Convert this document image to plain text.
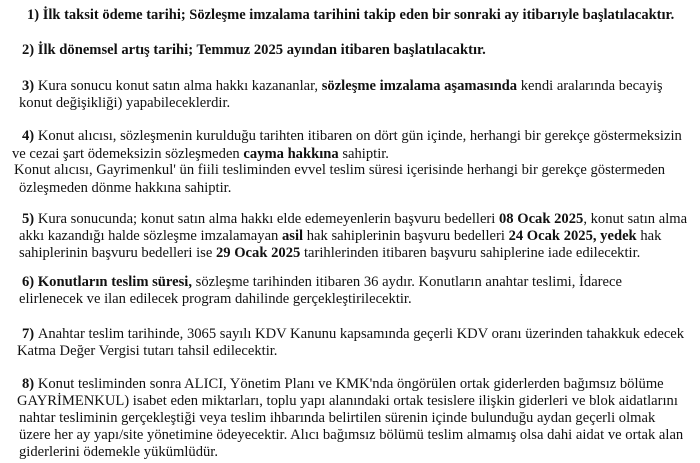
1) İlk taksit ödeme tarihi; Sözleşme imzalama tarihini takip eden bir sonraki ay itibarıyle başlatılacaktır.
2) İlk dönemsel artış tarihi; Temmuz 2025 ayından itibaren başlatılacaktır.
3) Kura sonucu konut satın alma hakkı kazananlar, sözleşme imzalama aşamasında kendi aralarında becayiş
konut değişikliği) yapabileceklerdir.
4) Konut alıcısı, sözleşmenin kurulduğu tarihten itibaren on dört gün içinde, herhangi bir gerekçe göstermeksizin
ve cezai şart ödemeksizin sözleşmeden cayma hakkına sahiptir.
Konut alıcısı, Gayrimenkul' ün fiili tesliminden evvel teslim süresi içerisinde herhangi bir gerekçe göstermeden
özleşmeden dönme hakkına sahiptir.
5) Kura sonucunda; konut satın alma hakkı elde edemeyenlerin başvuru bedelleri 08 Ocak 2025, konut satın alma
akkı kazandığı halde sözleşme imzalamayan asil hak sahiplerinin başvuru bedelleri 24 Ocak 2025, yedek hak
sahiplerinin başvuru bedelleri ise 29 Ocak 2025 tarihlerinden itibaren başvuru sahiplerine iade edilecektir.
6) Konutların teslim süresi, sözleşme tarihinden itibaren 36 aydır. Konutların anahtar teslimi, İdarece
elirlenecek ve ilan edilecek program dahilinde gerçekleştirilecektir.
7) Anahtar teslim tarihinde, 3065 sayılı KDV Kanunu kapsamında geçerli KDV oranı üzerinden tahakkuk edecek
Katma Değer Vergisi tutarı tahsil edilecektir.
8) Konut tesliminden sonra ALICI, Yönetim Planı ve KMK'nda öngörülen ortak giderlerden bağımsız bölüme
GAYRİMENKUL) isabet eden miktarları, toplu yapı alanındaki ortak tesislere ilişkin giderleri ve blok aidatlarını
nahtar tesliminin gerçekleştiği veya teslim ihbarında belirtilen sürenin içinde bulunduğu aydan geçerli olmak
üzere her ay yapı/site yönetimine ödeyecektir. Alıcı bağımsız bölümü teslim almamış olsa dahi aidat ve ortak alan
giderlerini ödemekle yükümlüdür.
